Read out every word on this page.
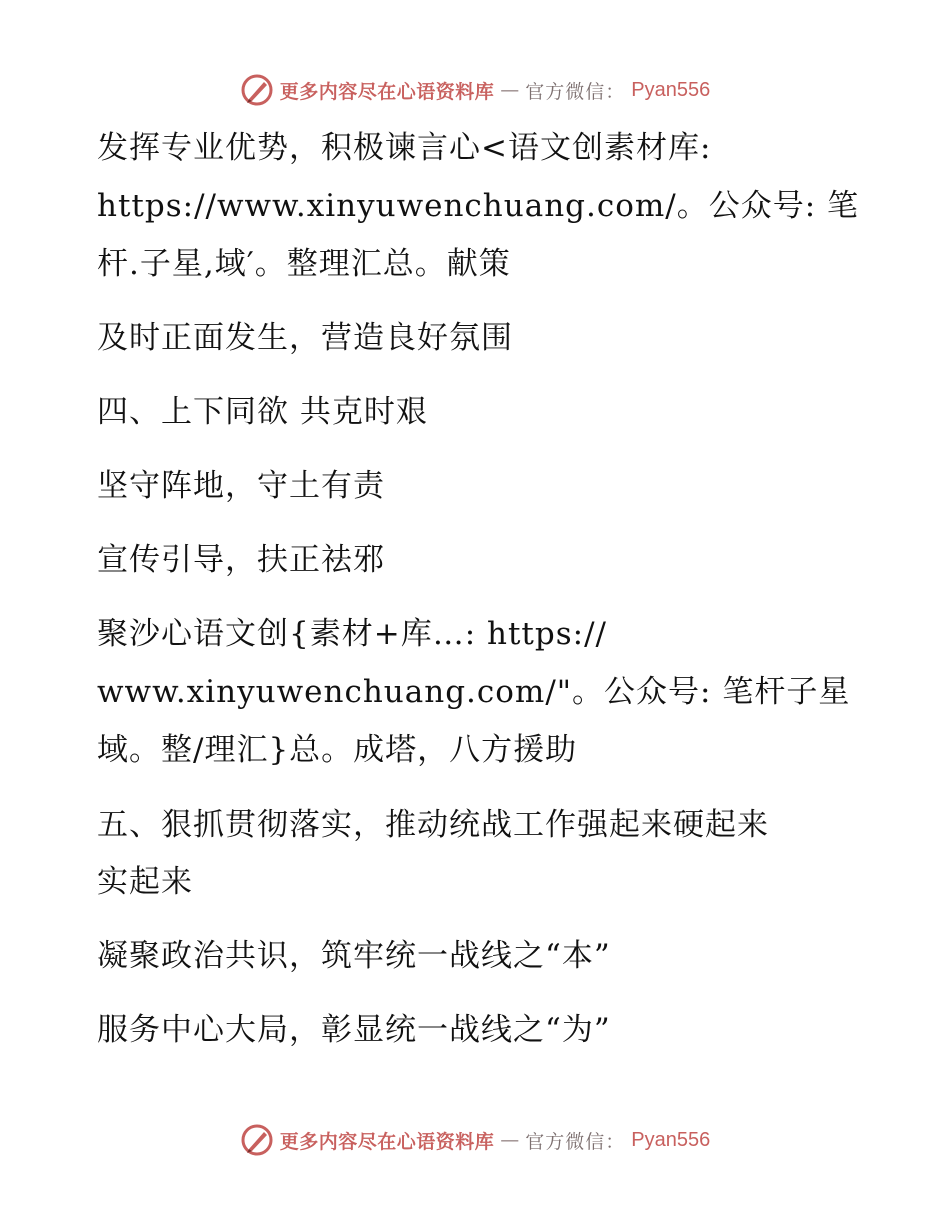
更多内容尽在心语资料库 — 官方微信： Pyan556
发挥专业优势，积极谏言心<语文创素材库:
https://www.xinyuwenchuang.com/。公众号: 笔
杆.子星,域′。整理汇总。献策
及时正面发生，营造良好氛围
四、上下同欲 共克时艰
坚守阵地，守土有责
宣传引导，扶正祛邪
聚沙心语文创{素材+库…: https://
www.xinyuwenchuang.com/"。公众号: 笔杆子星
域。整/理汇}总。成塔，八方援助
五、狠抓贯彻落实，推动统战工作强起来硬起来
实起来
凝聚政治共识，筑牢统一战线之“本”
服务中心大局，彰显统一战线之“为”
更多内容尽在心语资料库 — 官方微信： Pyan556
